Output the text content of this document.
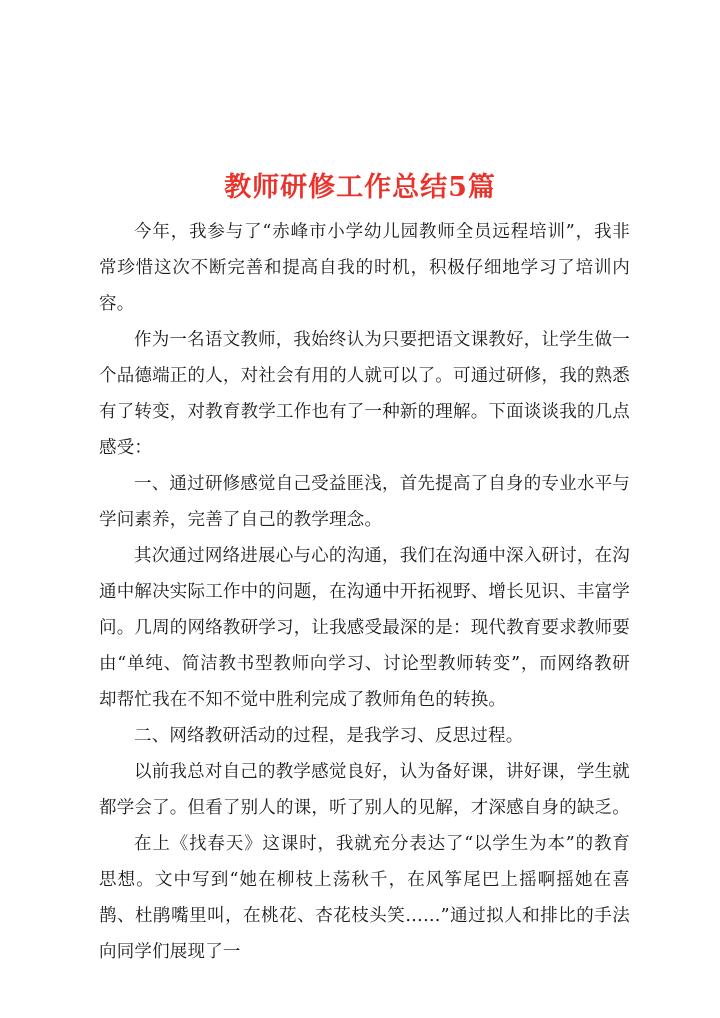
教师研修工作总结5篇

今年，我参与了“赤峰市小学幼儿园教师全员远程培训”，我非常珍惜这次不断完善和提高自我的时机，积极仔细地学习了培训内容。

作为一名语文教师，我始终认为只要把语文课教好，让学生做一个品德端正的人，对社会有用的人就可以了。可通过研修，我的熟悉有了转变，对教育教学工作也有了一种新的理解。下面谈谈我的几点感受：

一、通过研修感觉自己受益匪浅，首先提高了自身的专业水平与学问素养，完善了自己的教学理念。

其次通过网络进展心与心的沟通，我们在沟通中深入研讨，在沟通中解决实际工作中的问题，在沟通中开拓视野、增长见识、丰富学问。几周的网络教研学习，让我感受最深的是：现代教育要求教师要由“单纯、简洁教书型教师向学习、讨论型教师转变”，而网络教研却帮忙我在不知不觉中胜利完成了教师角色的转换。

二、网络教研活动的过程，是我学习、反思过程。

以前我总对自己的教学感觉良好，认为备好课，讲好课，学生就都学会了。但看了别人的课，听了别人的见解，才深感自身的缺乏。

在上《找春天》这课时，我就充分表达了“以学生为本”的教育思想。文中写到“她在柳枝上荡秋千，在风筝尾巴上摇啊摇她在喜鹊、杜鹃嘴里叫，在桃花、杏花枝头笑……”通过拟人和排比的手法向同学们展现了一
